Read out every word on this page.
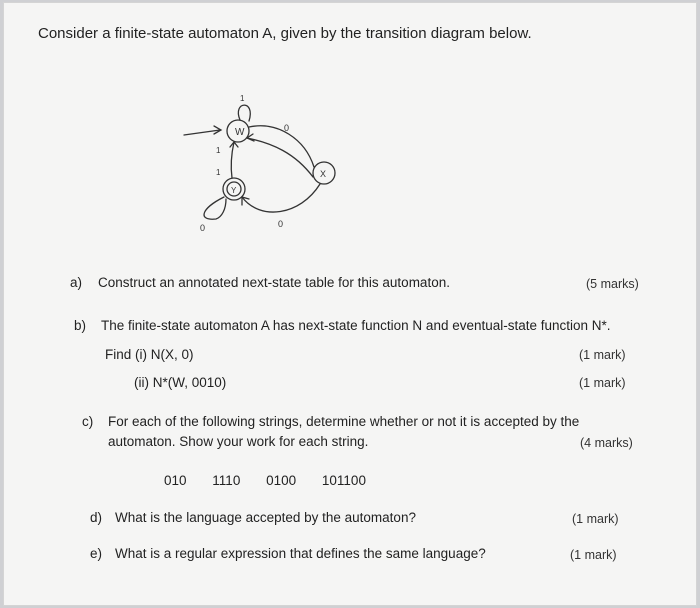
Consider a finite-state automaton A, given by the transition diagram below.
W
Y
X
1
0
1
1
0
0
a) Construct an annotated next-state table for this automaton.	(5 marks)
b) The finite-state automaton A has next-state function N and eventual-state function N*.
Find (i) N(X, 0)	(1 mark)
(ii) N*(W, 0010)	(1 mark)
c) For each of the following strings, determine whether or not it is accepted by the
automaton. Show your work for each string.	(4 marks)
010 1110 0100 101100
d) What is the language accepted by the automaton?	(1 mark)
e) What is a regular expression that defines the same language?	(1 mark)
